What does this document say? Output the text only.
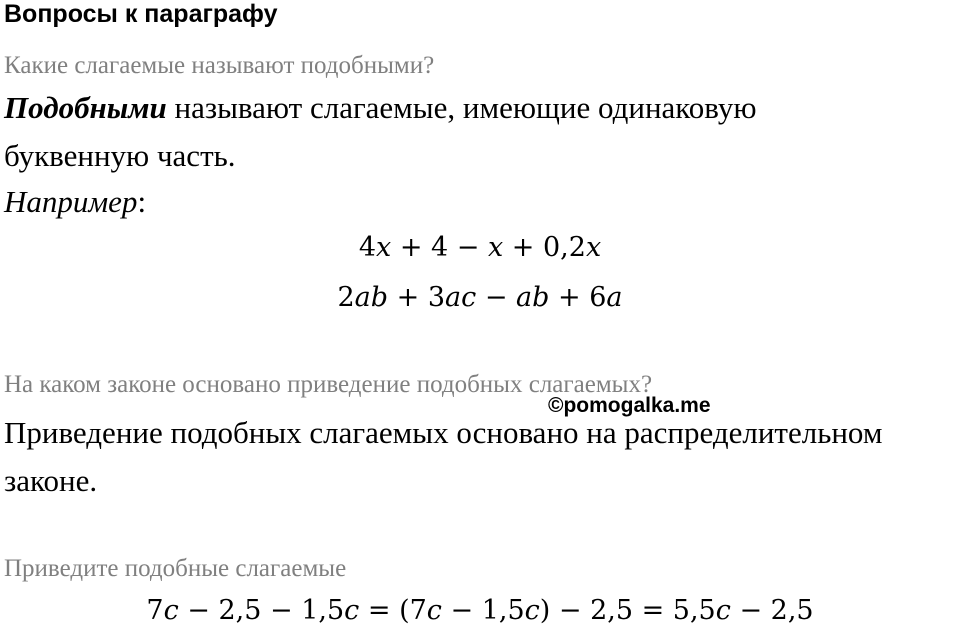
Вопросы к параграфу
Какие слагаемые называют подобными?
Подобными называют слагаемые, имеющие одинаковую
буквенную часть.
Например:
4𝑥 + 4 − 𝑥 + 0,2𝑥
2𝑎𝑏 + 3𝑎𝑐 − 𝑎𝑏 + 6𝑎
На каком законе основано приведение подобных слагаемых?
©pomogalka.me
Приведение подобных слагаемых основано на распределительном
законе.
Приведите подобные слагаемые
7𝑐 − 2,5 − 1,5𝑐 = (7𝑐 − 1,5𝑐) − 2,5 = 5,5𝑐 − 2,5
